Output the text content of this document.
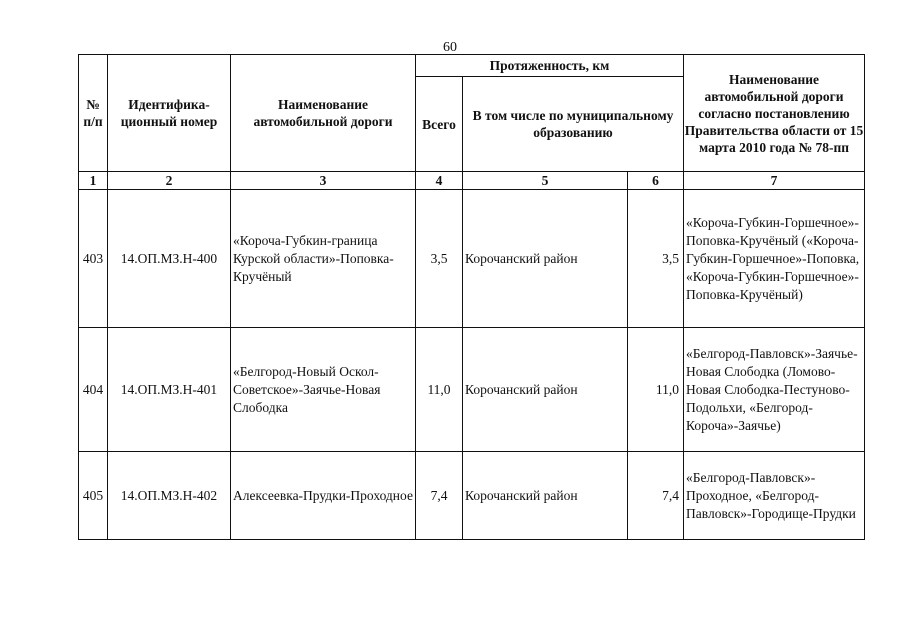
60
№ п/п	Идентифика-ционный номер	Наименование автомобильной дороги	Протяженность, км			Наименование автомобильной дороги согласно постановлению Правительства области от 15 марта 2010 года № 78-пп
			Всего	В том числе по муниципальному образованию		
1	2	3	4	5	6	7
403	14.ОП.МЗ.Н-400	«Короча-Губкин-граница Курской области»-Поповка-Кручёный	3,5	Корочанский район	3,5	«Короча-Губкин-Горшечное»-Поповка-Кручёный («Короча-Губкин-Горшечное»-Поповка, «Короча-Губкин-Горшечное»-Поповка-Кручёный)
404	14.ОП.МЗ.Н-401	«Белгород-Новый Оскол-Советское»-Заячье-Новая Слободка	11,0	Корочанский район	11,0	«Белгород-Павловск»-Заячье-Новая Слободка (Ломово-Новая Слободка-Пестуново-Подольхи, «Белгород-Короча»-Заячье)
405	14.ОП.МЗ.Н-402	Алексеевка-Прудки-Проходное	7,4	Корочанский район	7,4	«Белгород-Павловск»-Проходное, «Белгород-Павловск»-Городище-Прудки
